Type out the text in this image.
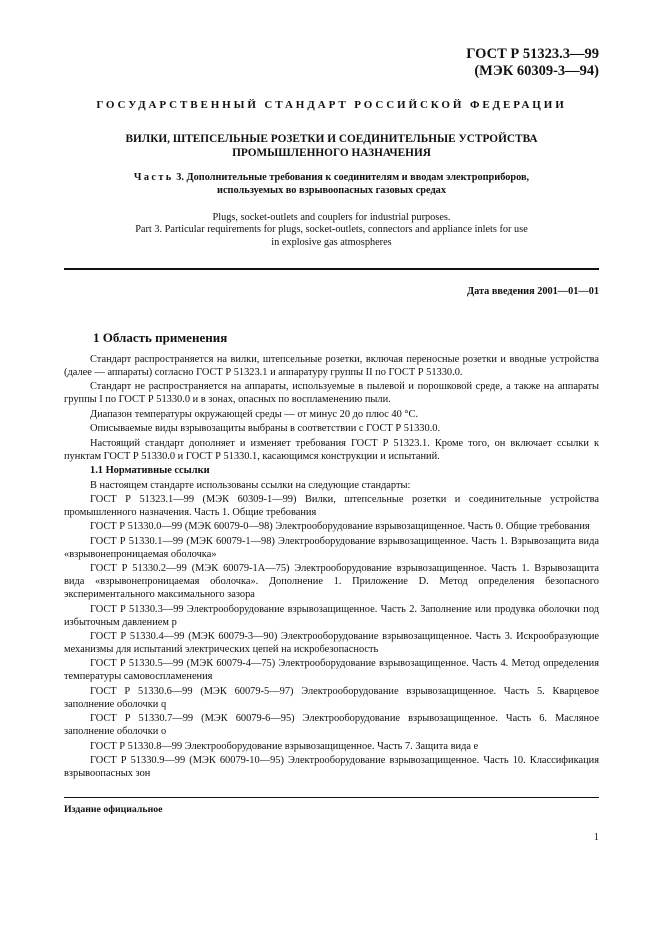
ГОСТ Р 51323.3—99
(МЭК 60309-3—94)
ГОСУДАРСТВЕННЫЙ СТАНДАРТ РОССИЙСКОЙ ФЕДЕРАЦИИ
ВИЛКИ, ШТЕПСЕЛЬНЫЕ РОЗЕТКИ И СОЕДИНИТЕЛЬНЫЕ УСТРОЙСТВА
ПРОМЫШЛЕННОГО НАЗНАЧЕНИЯ
Часть 3. Дополнительные требования к соединителям и вводам электроприборов,
используемых во взрывоопасных газовых средах
Plugs, socket-outlets and couplers for industrial purposes.
Part 3. Particular requirements for plugs, socket-outlets, connectors and appliance inlets for use
in explosive gas atmospheres
Дата введения 2001—01—01
1 Область применения

Стандарт распространяется на вилки, штепсельные розетки, включая переносные розетки и вводные устройства (далее — аппараты) согласно ГОСТ Р 51323.1 и аппаратуру группы II по ГОСТ Р 51330.0.

Стандарт не распространяется на аппараты, используемые в пылевой и порошковой среде, а также на аппараты группы I по ГОСТ Р 51330.0 и в зонах, опасных по воспламенению пыли.

Диапазон температуры окружающей среды — от минус 20 до плюс 40 °С.

Описываемые виды взрывозащиты выбраны в соответствии с ГОСТ Р 51330.0.

Настоящий стандарт дополняет и изменяет требования ГОСТ Р 51323.1. Кроме того, он включает ссылки к пунктам ГОСТ Р 51330.0 и ГОСТ Р 51330.1, касающимся конструкции и испытаний.

1.1 Нормативные ссылки

В настоящем стандарте использованы ссылки на следующие стандарты:

ГОСТ Р 51323.1—99 (МЭК 60309-1—99) Вилки, штепсельные розетки и соединительные устройства промышленного назначения. Часть 1. Общие требования

ГОСТ Р 51330.0—99 (МЭК 60079-0—98) Электрооборудование взрывозащищенное. Часть 0. Общие требования

ГОСТ Р 51330.1—99 (МЭК 60079-1—98) Электрооборудование взрывозащищенное. Часть 1. Взрывозащита вида «взрывонепроницаемая оболочка»

ГОСТ Р 51330.2—99 (МЭК 60079-1А—75) Электрооборудование взрывозащищенное. Часть 1. Взрывозащита вида «взрывонепроницаемая оболочка». Дополнение 1. Приложение D. Метод определения безопасного экспериментального максимального зазора

ГОСТ Р 51330.3—99 Электрооборудование взрывозащищенное. Часть 2. Заполнение или продувка оболочки под избыточным давлением p

ГОСТ Р 51330.4—99 (МЭК 60079-3—90) Электрооборудование взрывозащищенное. Часть 3. Искрообразующие механизмы для испытаний электрических цепей на искробезопасность

ГОСТ Р 51330.5—99 (МЭК 60079-4—75) Электрооборудование взрывозащищенное. Часть 4. Метод определения температуры самовоспламенения

ГОСТ Р 51330.6—99 (МЭК 60079-5—97) Электрооборудование взрывозащищенное. Часть 5. Кварцевое заполнение оболочки q

ГОСТ Р 51330.7—99 (МЭК 60079-6—95) Электрооборудование взрывозащищенное. Часть 6. Масляное заполнение оболочки o

ГОСТ Р 51330.8—99 Электрооборудование взрывозащищенное. Часть 7. Защита вида e

ГОСТ Р 51330.9—99 (МЭК 60079-10—95) Электрооборудование взрывозащищенное. Часть 10. Классификация взрывоопасных зон

Издание официальное
1
